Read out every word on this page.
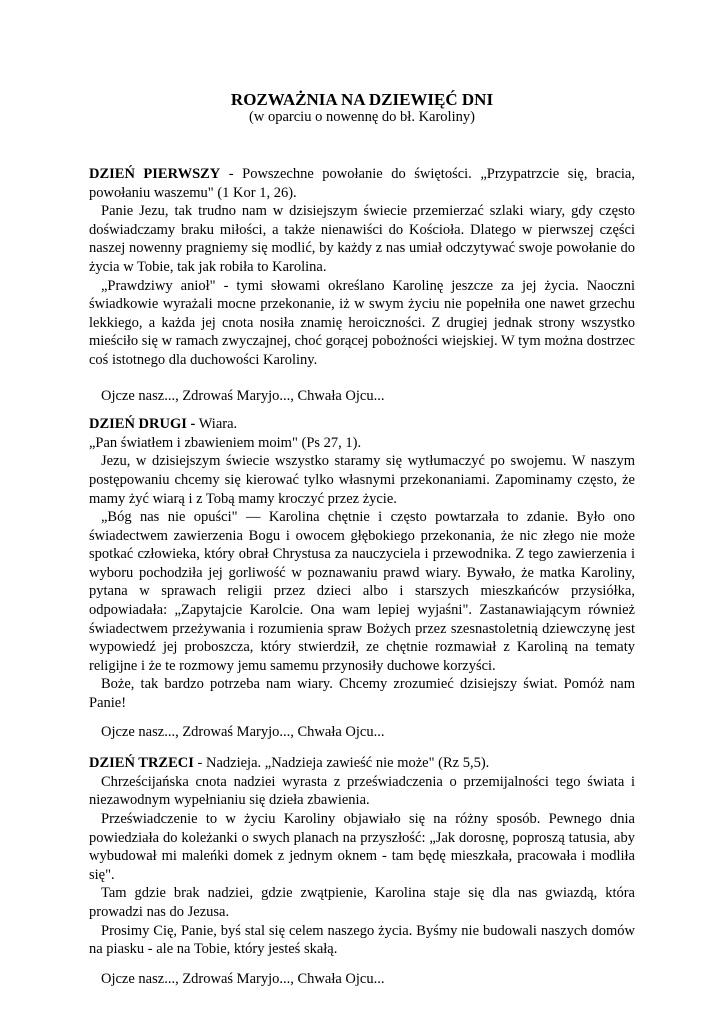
ROZWAŻNIA NA DZIEWIĘĆ DNI
(w oparciu o nowennę do bł. Karoliny)

DZIEŃ PIERWSZY - Powszechne powołanie do świętości. „Przypatrzcie się, bracia, powołaniu waszemu" (1 Kor 1, 26).

Panie Jezu, tak trudno nam w dzisiejszym świecie przemierzać szlaki wiary, gdy często doświadczamy braku miłości, a także nienawiści do Kościoła. Dlatego w pierwszej części naszej nowenny pragniemy się modlić, by każdy z nas umiał odczytywać swoje powołanie do życia w Tobie, tak jak robiła to Karolina.

„Prawdziwy anioł" - tymi słowami określano Karolinę jeszcze za jej życia. Naoczni świadkowie wyrażali mocne przekonanie, iż w swym życiu nie popełniła one nawet grzechu lekkiego, a każda jej cnota nosiła znamię heroiczności. Z drugiej jednak strony wszystko mieściło się w ramach zwyczajnej, choć gorącej pobożności wiejskiej. W tym można dostrzec coś istotnego dla duchowości Karoliny.

Ojcze nasz..., Zdrowaś Maryjo..., Chwała Ojcu...

DZIEŃ DRUGI - Wiara.

„Pan światłem i zbawieniem moim" (Ps 27, 1).

Jezu, w dzisiejszym świecie wszystko staramy się wytłumaczyć po swojemu. W naszym postępowaniu chcemy się kierować tylko własnymi przekonaniami. Zapominamy często, że mamy żyć wiarą i z Tobą mamy kroczyć przez życie.

„Bóg nas nie opuści" — Karolina chętnie i często powtarzała to zdanie. Było ono świadectwem zawierzenia Bogu i owocem głębokiego przekonania, że nic złego nie może spotkać człowieka, który obrał Chrystusa za nauczyciela i przewodnika. Z tego zawierzenia i wyboru pochodziła jej gorliwość w poznawaniu prawd wiary. Bywało, że matka Karoliny, pytana w sprawach religii przez dzieci albo i starszych mieszkańców przysiółka, odpowiadała: „Zapytajcie Karolcie. Ona wam lepiej wyjaśni". Zastanawiającym również świadectwem przeżywania i rozumienia spraw Bożych przez szesnastoletnią dziewczynę jest wypowiedź jej proboszcza, który stwierdził, ze chętnie rozmawiał z Karoliną na tematy religijne i że te rozmowy jemu samemu przynosiły duchowe korzyści.

Boże, tak bardzo potrzeba nam wiary. Chcemy zrozumieć dzisiejszy świat. Pomóż nam Panie!

Ojcze nasz..., Zdrowaś Maryjo..., Chwała Ojcu...

DZIEŃ TRZECI - Nadzieja. „Nadzieja zawieść nie może" (Rz 5,5).

Chrześcijańska cnota nadziei wyrasta z przeświadczenia o przemijalności tego świata i niezawodnym wypełnianiu się dzieła zbawienia.

Przeświadczenie to w życiu Karoliny objawiało się na różny sposób. Pewnego dnia powiedziała do koleżanki o swych planach na przyszłość: „Jak dorosnę, poproszą tatusia, aby wybudował mi maleńki domek z jednym oknem - tam będę mieszkała, pracowała i modliła się".

Tam gdzie brak nadziei, gdzie zwątpienie, Karolina staje się dla nas gwiazdą, która prowadzi nas do Jezusa.

Prosimy Cię, Panie, byś stal się celem naszego życia. Byśmy nie budowali naszych domów na piasku - ale na Tobie, który jesteś skałą.

Ojcze nasz..., Zdrowaś Maryjo..., Chwała Ojcu...
